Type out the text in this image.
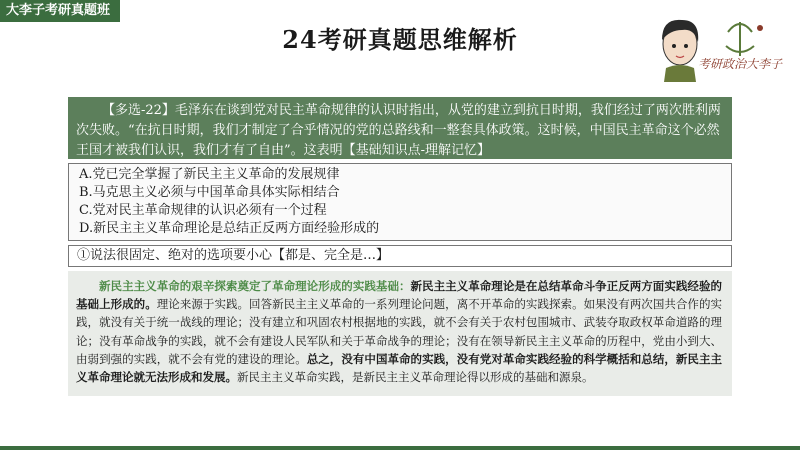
大李子考研真题班
24考研真题思维解析
考研政治大李子
【多选-22】毛泽东在谈到党对民主革命规律的认识时指出，从党的建立到抗日时期，我们经过了两次胜利两次失败。“在抗日时期，我们才制定了合乎情况的党的总路线和一整套具体政策。这时候，中国民主革命这个必然王国才被我们认识，我们才有了自由”。这表明【基础知识点-理解记忆】
A.党已完全掌握了新民主主义革命的发展规律
B.马克思主义必须与中国革命具体实际相结合
C.党对民主革命规律的认识必须有一个过程
D.新民主主义革命理论是总结正反两方面经验形成的
①说法很固定、绝对的选项要小心【都是、完全是…】
新民主主义革命的艰辛探索奠定了革命理论形成的实践基础：新民主主义革命理论是在总结革命斗争正反两方面实践经验的基础上形成的。理论来源于实践。回答新民主主义革命的一系列理论问题，离不开革命的实践探索。如果没有两次国共合作的实践，就没有关于统一战线的理论；没有建立和巩固农村根据地的实践，就不会有关于农村包围城市、武装夺取政权革命道路的理论；没有革命战争的实践，就不会有建设人民军队和关于革命战争的理论；没有在领导新民主主义革命的历程中，党由小到大、由弱到强的实践，就不会有党的建设的理论。总之，没有中国革命的实践，没有党对革命实践经验的科学概括和总结，新民主主义革命理论就无法形成和发展。新民主主义革命实践，是新民主主义革命理论得以形成的基础和源泉。
